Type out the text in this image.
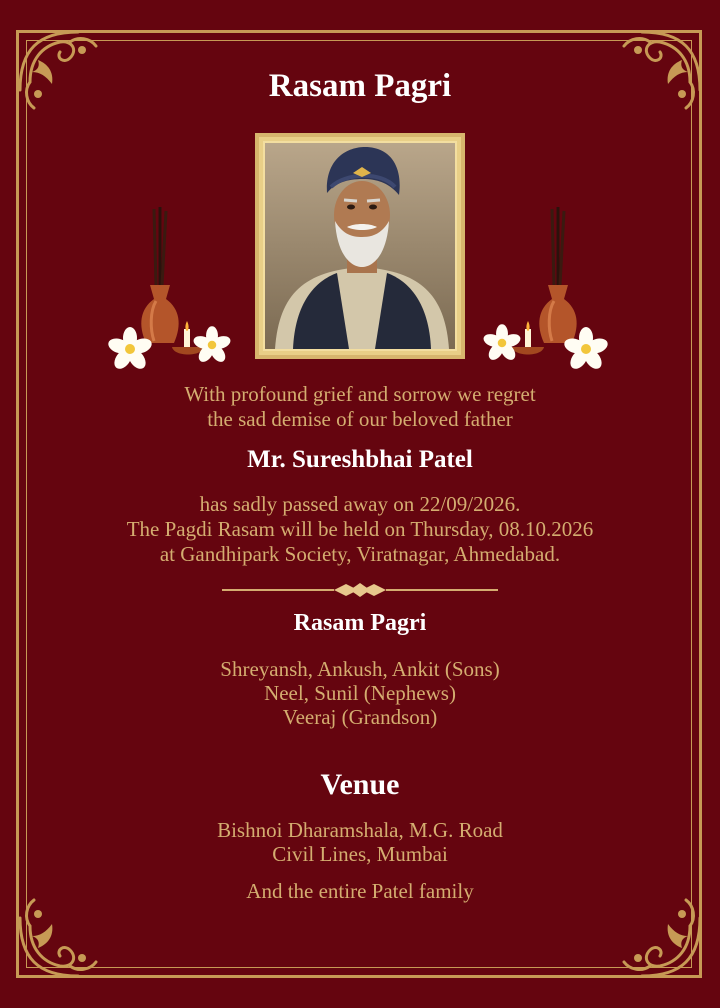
Rasam Pagri
With profound grief and sorrow we regret
the sad demise of our beloved father
Mr. Sureshbhai Patel
has sadly passed away on 22/09/2026.
The Pagdi Rasam will be held on Thursday, 08.10.2026
at Gandhipark Society, Viratnagar, Ahmedabad.
Rasam Pagri
Shreyansh, Ankush, Ankit (Sons)
Neel, Sunil (Nephews)
Veeraj (Grandson)
Venue
Bishnoi Dharamshala, M.G. Road
Civil Lines, Mumbai
And the entire Patel family
